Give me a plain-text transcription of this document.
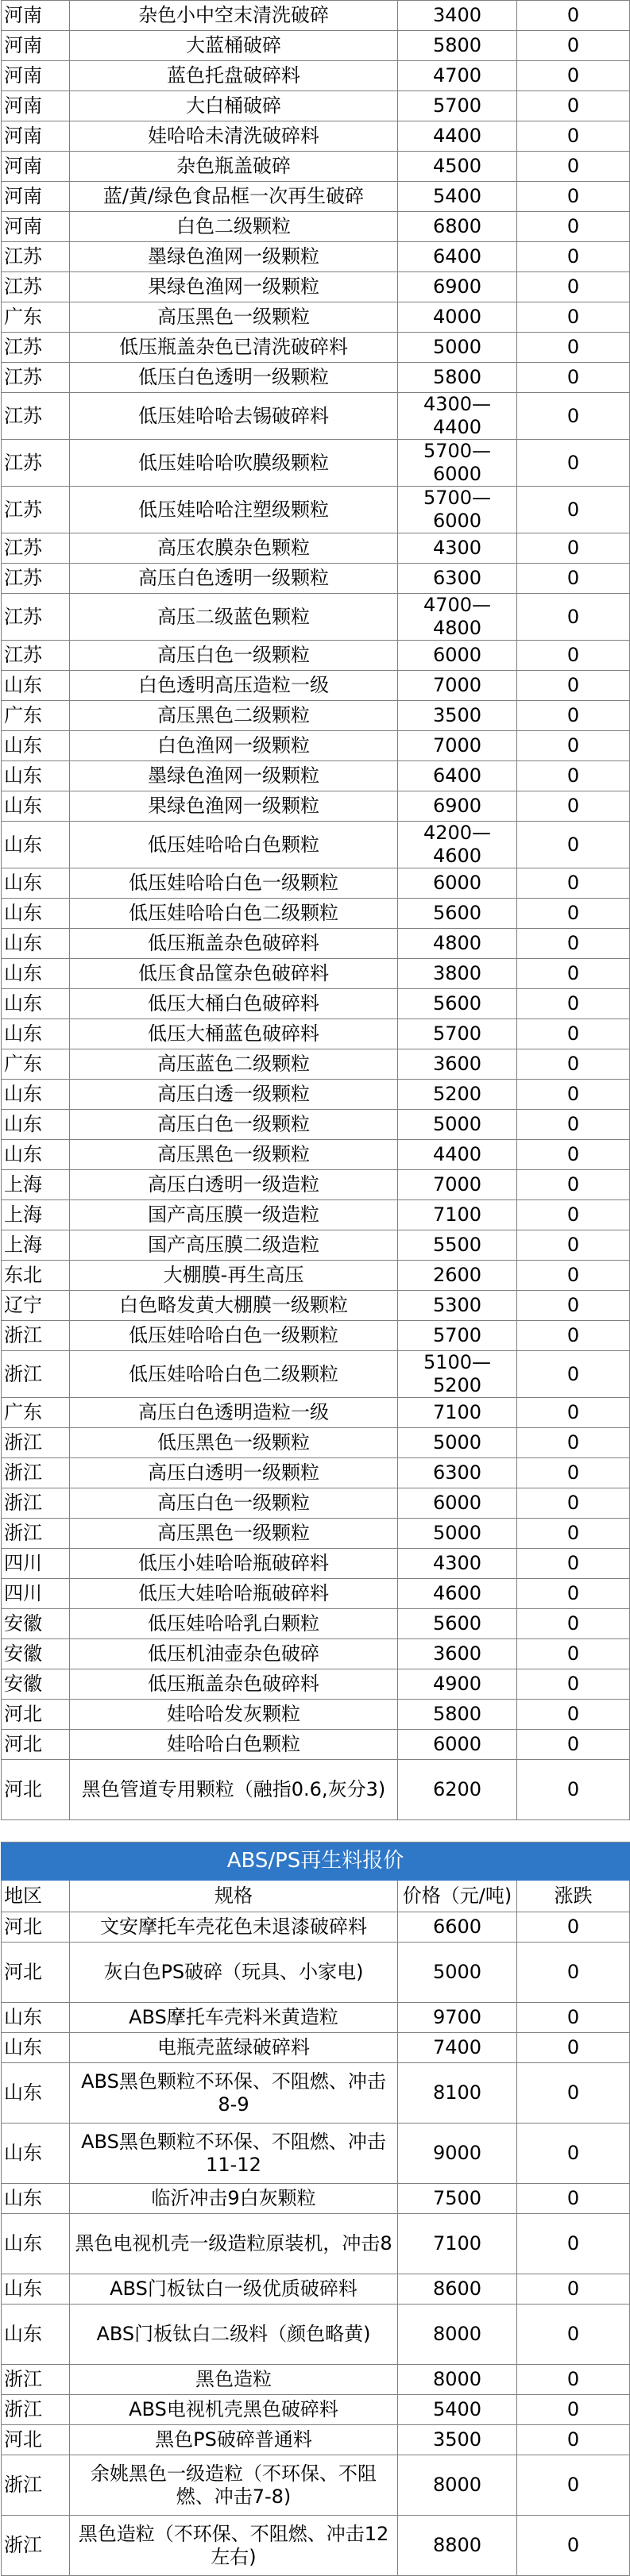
河南	杂色小中空末清洗破碎	3400	0
河南	大蓝桶破碎	5800	0
河南	蓝色托盘破碎料	4700	0
河南	大白桶破碎	5700	0
河南	娃哈哈未清洗破碎料	4400	0
河南	杂色瓶盖破碎	4500	0
河南	蓝/黄/绿色食品框一次再生破碎	5400	0
河南	白色二级颗粒	6800	0
江苏	墨绿色渔网一级颗粒	6400	0
江苏	果绿色渔网一级颗粒	6900	0
广东	高压黑色一级颗粒	4000	0
江苏	低压瓶盖杂色已清洗破碎料	5000	0
江苏	低压白色透明一级颗粒	5800	0
江苏	低压娃哈哈去锡破碎料	4300—4400	0
江苏	低压娃哈哈吹膜级颗粒	5700—6000	0
江苏	低压娃哈哈注塑级颗粒	5700—6000	0
江苏	高压农膜杂色颗粒	4300	0
江苏	高压白色透明一级颗粒	6300	0
江苏	高压二级蓝色颗粒	4700—4800	0
江苏	高压白色一级颗粒	6000	0
山东	白色透明高压造粒一级	7000	0
广东	高压黑色二级颗粒	3500	0
山东	白色渔网一级颗粒	7000	0
山东	墨绿色渔网一级颗粒	6400	0
山东	果绿色渔网一级颗粒	6900	0
山东	低压娃哈哈白色颗粒	4200—4600	0
山东	低压娃哈哈白色一级颗粒	6000	0
山东	低压娃哈哈白色二级颗粒	5600	0
山东	低压瓶盖杂色破碎料	4800	0
山东	低压食品筐杂色破碎料	3800	0
山东	低压大桶白色破碎料	5600	0
山东	低压大桶蓝色破碎料	5700	0
广东	高压蓝色二级颗粒	3600	0
山东	高压白透一级颗粒	5200	0
山东	高压白色一级颗粒	5000	0
山东	高压黑色一级颗粒	4400	0
上海	高压白透明一级造粒	7000	0
上海	国产高压膜一级造粒	7100	0
上海	国产高压膜二级造粒	5500	0
东北	大棚膜-再生高压	2600	0
辽宁	白色略发黄大棚膜一级颗粒	5300	0
浙江	低压娃哈哈白色一级颗粒	5700	0
浙江	低压娃哈哈白色二级颗粒	5100—5200	0
广东	高压白色透明造粒一级	7100	0
浙江	低压黑色一级颗粒	5000	0
浙江	高压白透明一级颗粒	6300	0
浙江	高压白色一级颗粒	6000	0
浙江	高压黑色一级颗粒	5000	0
四川	低压小娃哈哈瓶破碎料	4300	0
四川	低压大娃哈哈瓶破碎料	4600	0
安徽	低压娃哈哈乳白颗粒	5600	0
安徽	低压机油壶杂色破碎	3600	0
安徽	低压瓶盖杂色破碎料	4900	0
河北	娃哈哈发灰颗粒	5800	0
河北	娃哈哈白色颗粒	6000	0
河北	黑色管道专用颗粒（融指0.6,灰分3)	6200	0

ABS/PS再生料报价			
地区	规格	价格（元/吨)	涨跌
河北	文安摩托车壳花色未退漆破碎料	6600	0
河北	灰白色PS破碎（玩具、小家电)	5000	0
山东	ABS摩托车壳料米黄造粒	9700	0
山东	电瓶壳蓝绿破碎料	7400	0
山东	ABS黑色颗粒不环保、不阻燃、冲击8-9	8100	0
山东	ABS黑色颗粒不环保、不阻燃、冲击11-12	9000	0
山东	临沂冲击9白灰颗粒	7500	0
山东	黑色电视机壳一级造粒原装机，冲击8	7100	0
山东	ABS门板钛白一级优质破碎料	8600	0
山东	ABS门板钛白二级料（颜色略黄)	8000	0
浙江	黑色造粒	8000	0
浙江	ABS电视机壳黑色破碎料	5400	0
河北	黑色PS破碎普通料	3500	0
浙江	余姚黑色一级造粒（不环保、不阻燃、冲击7-8)	8000	0
浙江	黑色造粒（不环保、不阻燃、冲击12左右)	8800	0
